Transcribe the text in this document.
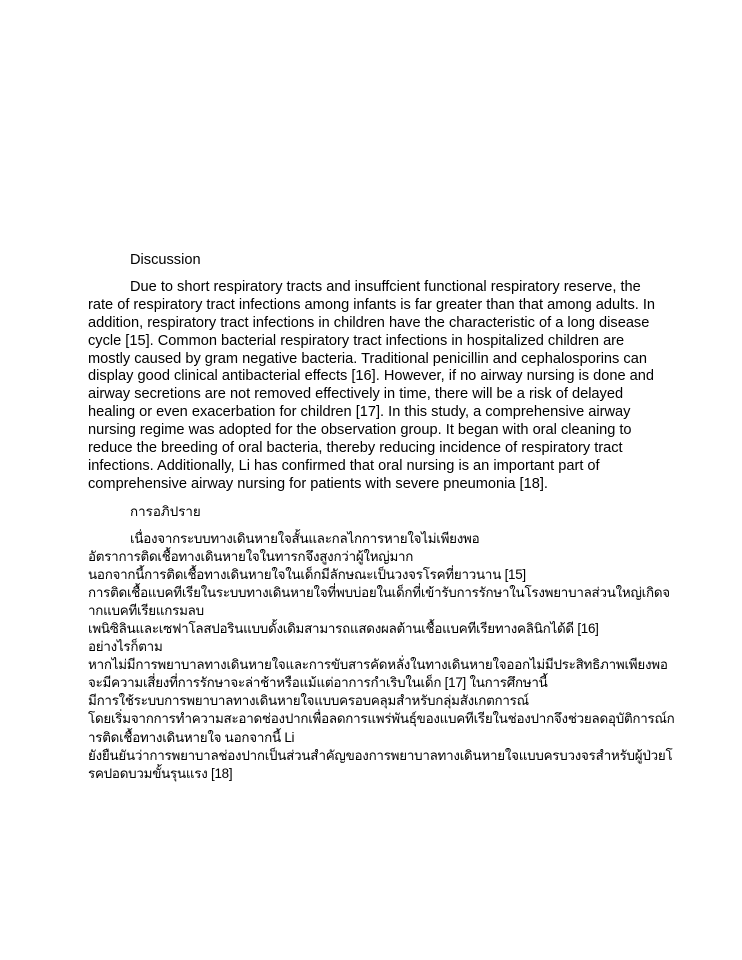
Discussion
Due to short respiratory tracts and insuffcient functional respiratory reserve, the
rate of respiratory tract infections among infants is far greater than that among adults. In
addition, respiratory tract infections in children have the characteristic of a long disease
cycle [15]. Common bacterial respiratory tract infections in hospitalized children are
mostly caused by gram negative bacteria. Traditional penicillin and cephalosporins can
display good clinical antibacterial effects [16]. However, if no airway nursing is done and
airway secretions are not removed effectively in time, there will be a risk of delayed
healing or even exacerbation for children [17]. In this study, a comprehensive airway
nursing regime was adopted for the observation group. It began with oral cleaning to
reduce the breeding of oral bacteria, thereby reducing incidence of respiratory tract
infections. Additionally, Li has confirmed that oral nursing is an important part of
comprehensive airway nursing for patients with severe pneumonia [18].
การอภิปราย
เนื่องจากระบบทางเดินหายใจสั้นและกลไกการหายใจไม่เพียงพอ
อัตราการติดเชื้อทางเดินหายใจในทารกจึงสูงกว่าผู้ใหญ่มาก
นอกจากนี้การติดเชื้อทางเดินหายใจในเด็กมีลักษณะเป็นวงจรโรคที่ยาวนาน [15]
การติดเชื้อแบคทีเรียในระบบทางเดินหายใจที่พบบ่อยในเด็กที่เข้ารับการรักษาในโรงพยาบาลส่วนใหญ่เกิดจ
ากแบคทีเรียแกรมลบ
เพนิซิลินและเซฟาโลสปอรินแบบดั้งเดิมสามารถแสดงผลต้านเชื้อแบคทีเรียทางคลินิกได้ดี [16]
อย่างไรก็ตาม
หากไม่มีการพยาบาลทางเดินหายใจและการขับสารคัดหลั่งในทางเดินหายใจออกไม่มีประสิทธิภาพเพียงพอ
จะมีความเสี่ยงที่การรักษาจะล่าช้าหรือแม้แต่อาการกำเริบในเด็ก [17] ในการศึกษานี้
มีการใช้ระบบการพยาบาลทางเดินหายใจแบบครอบคลุมสำหรับกลุ่มสังเกตการณ์
โดยเริ่มจากการทำความสะอาดช่องปากเพื่อลดการแพร่พันธุ์ของแบคทีเรียในช่องปากจึงช่วยลดอุบัติการณ์ก
ารติดเชื้อทางเดินหายใจ นอกจากนี้ Li
ยังยืนยันว่าการพยาบาลช่องปากเป็นส่วนสำคัญของการพยาบาลทางเดินหายใจแบบครบวงจรสำหรับผู้ป่วยโ
รคปอดบวมขั้นรุนแรง [18]
